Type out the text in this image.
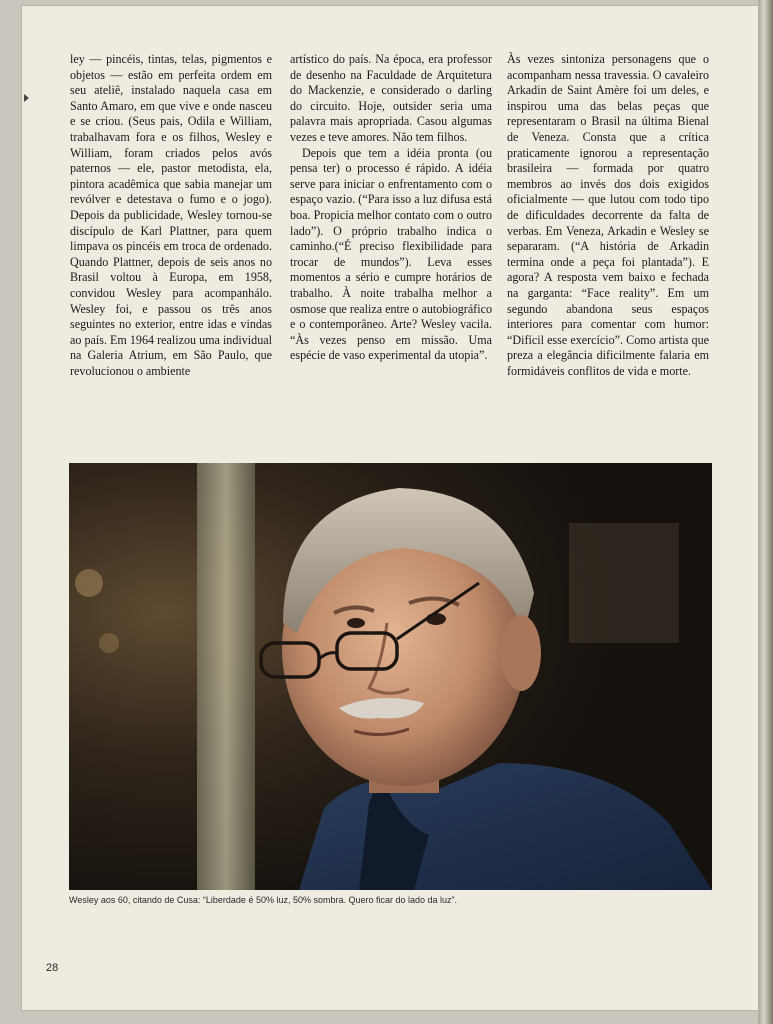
ley — pincéis, tintas, telas, pigmentos e objetos — estão em perfeita ordem em seu ateliê, instalado naquela casa em Santo Amaro, em que vive e onde nasceu e se criou. (Seus pais, Odila e William, trabalhavam fora e os filhos, Wesley e William, foram criados pelos avós paternos — ele, pastor metodista, ela, pintora acadêmica que sabia manejar um revólver e detestava o fumo e o jogo). Depois da publicidade, Wesley tornou-se discípulo de Karl Plattner, para quem limpava os pincéis em troca de ordenado. Quando Plattner, depois de seis anos no Brasil voltou à Europa, em 1958, convidou Wesley para acompanhálo. Wesley foi, e passou os três anos seguintes no exterior, entre idas e vindas ao país. Em 1964 realizou uma individual na Galeria Atrium, em São Paulo, que revolucionou o ambiente

artístico do país. Na época, era professor de desenho na Faculdade de Arquitetura do Mackenzie, e considerado o darling do circuito. Hoje, outsider seria uma palavra mais apropriada. Casou algumas vezes e teve amores. Não tem filhos.

Depois que tem a idéia pronta (ou pensa ter) o processo é rápido. A idéia serve para iniciar o enfrentamento com o espaço vazio. (“Para isso a luz difusa está boa. Propicia melhor contato com o outro lado”). O próprio trabalho indica o caminho.(“É preciso flexibilidade para trocar de mundos”). Leva esses momentos a sério e cumpre horários de trabalho. À noite trabalha melhor a osmose que realiza entre o autobiográfico e o contemporâneo. Arte? Wesley vacila. “Às vezes penso em missão. Uma espécie de vaso experimental da utopia”.

Às vezes sintoniza personagens que o acompanham nessa travessia. O cavaleiro Arkadin de Saint Amère foi um deles, e inspirou uma das belas peças que representaram o Brasil na última Bienal de Veneza. Consta que a crítica praticamente ignorou a representação brasileira — formada por quatro membros ao invés dos dois exigidos oficialmente — que lutou com todo tipo de dificuldades decorrente da falta de verbas. Em Veneza, Arkadin e Wesley se separaram. (“A história de Arkadin termina onde a peça foi plantada”). E agora? A resposta vem baixo e fechada na garganta: “Face reality”. Em um segundo abandona seus espaços interiores para comentar com humor: “Difícil esse exercício”. Como artista que preza a elegância dificilmente falaria em formidáveis conflitos de vida e morte.

Wesley aos 60, citando de Cusa: “Liberdade é 50% luz, 50% sombra. Quero ficar do lado da luz”.
28
